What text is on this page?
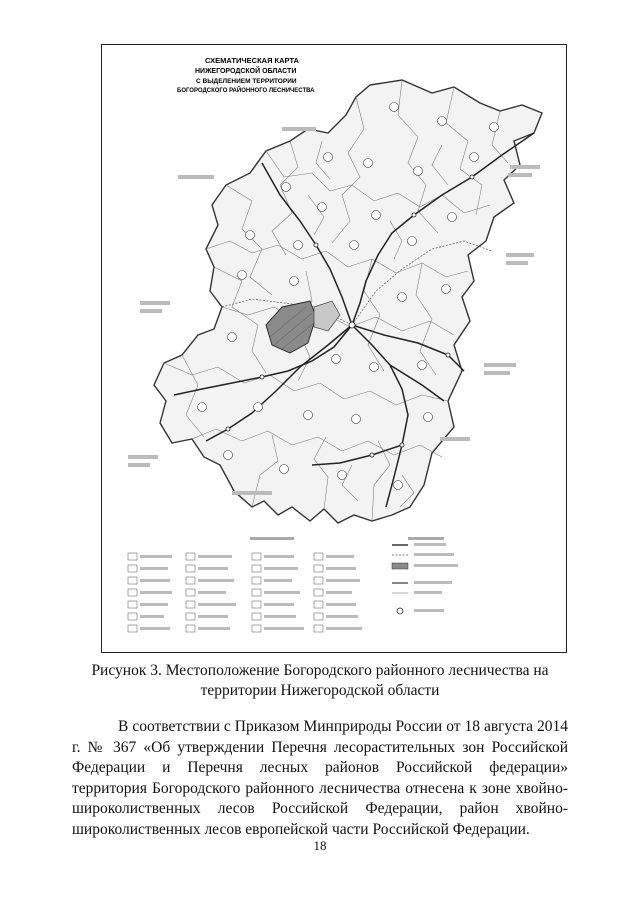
СХЕМАТИЧЕСКАЯ КАРТА
НИЖЕГОРОДСКОЙ ОБЛАСТИ
С ВЫДЕЛЕНИЕМ ТЕРРИТОРИИ
БОГОРОДСКОГО РАЙОННОГО ЛЕСНИЧЕСТВА
Рисунок 3. Местоположение Богородского районного лесничества на
территории Нижегородской области

В соответствии с Приказом Минприроды России от 18 августа 2014 г. № 367 «Об утверждении Перечня лесорастительных зон Российской Федерации и Перечня лесных районов Российской федерации» территория Богородского районного лесничества отнесена к зоне хвойно-широколиственных лесов Российской Федерации, район хвойно-широколиственных лесов европейской части Российской Федерации.

18
